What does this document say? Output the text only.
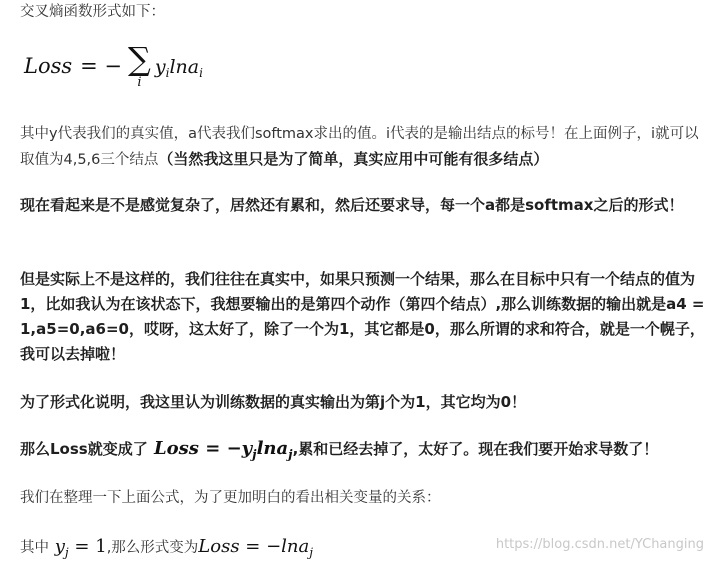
交叉熵函数形式如下：

Loss = − ∑
i
$y_i\ln a_i$

其中y代表我们的真实值，a代表我们softmax求出的值。i代表的是输出结点的标号！在上面例子，i就可以取值为4,5,6三个结点（当然我这里只是为了简单，真实应用中可能有很多结点）

现在看起来是不是感觉复杂了，居然还有累和，然后还要求导，每一个a都是softmax之后的形式！

但是实际上不是这样的，我们往往在真实中，如果只预测一个结果，那么在目标中只有一个结点的值为1，比如我认为在该状态下，我想要输出的是第四个动作（第四个结点）,那么训练数据的输出就是a4 = 1,a5=0,a6=0，哎呀，这太好了，除了一个为1，其它都是0，那么所谓的求和符合，就是一个幌子，我可以去掉啦！

为了形式化说明，我这里认为训练数据的真实输出为第j个为1，其它均为0！

那么Loss就变成了 Loss = $-y_j\ln a_j$,累和已经去掉了，太好了。现在我们要开始求导数了！

我们在整理一下上面公式，为了更加明白的看出相关变量的关系：

其中 $y_j = 1$,那么形式变为Loss = −lna$_j$

https://blog.csdn.net/YChanging
